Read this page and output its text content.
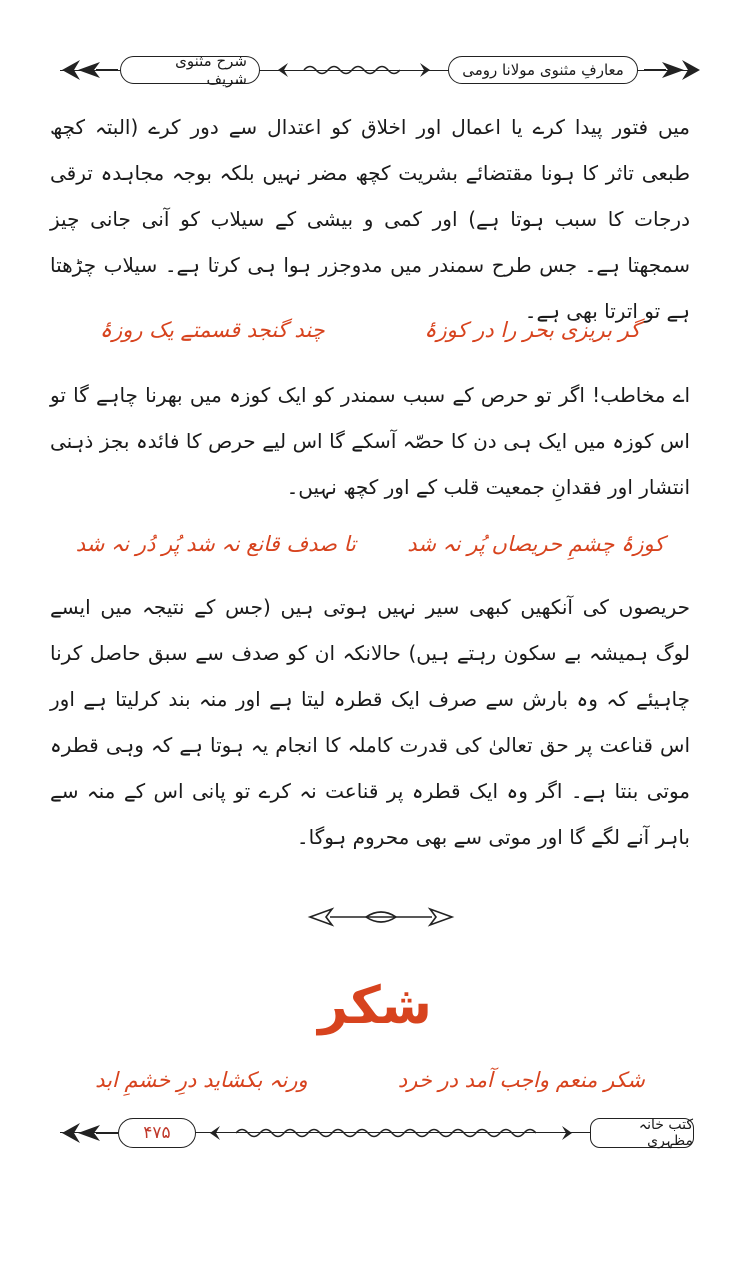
شرح مثنوی شریف	معارفِ مثنوی مولانا رومی
میں فتور پیدا کرے یا اعمال اور اخلاق کو اعتدال سے دور کرے (البتہ کچھ طبعی تاثر کا ہونا مقتضائے بشریت کچھ مضر نہیں بلکہ بوجہ مجاہدہ ترقی درجات کا سبب ہوتا ہے) اور کمی و بیشی کے سیلاب کو آنی جانی چیز سمجھتا ہے۔ جس طرح سمندر میں مدوجزر ہوا ہی کرتا ہے۔ سیلاب چڑھتا ہے تو اترتا بھی ہے۔
گر بریزی بحر را در کوزۂ
چند گنجد قسمتے یک روزۂ
اے مخاطب! اگر تو حرص کے سبب سمندر کو ایک کوزہ میں بھرنا چاہے گا تو اس کوزہ میں ایک ہی دن کا حصّہ آسکے گا اس لیے حرص کا فائدہ بجز ذہنی انتشار اور فقدانِ جمعیت قلب کے اور کچھ نہیں۔
کوزۂ چشمِ حریصاں پُر نہ شد
تا صدف قانع نہ شد پُر دُر نہ شد
حریصوں کی آنکھیں کبھی سیر نہیں ہوتی ہیں (جس کے نتیجہ میں ایسے لوگ ہمیشہ بے سکون رہتے ہیں) حالانکہ ان کو صدف سے سبق حاصل کرنا چاہیئے کہ وہ بارش سے صرف ایک قطرہ لیتا ہے اور منہ بند کرلیتا ہے اور اس قناعت پر حق تعالیٰ کی قدرت کاملہ کا انجام یہ ہوتا ہے کہ وہی قطرہ موتی بنتا ہے۔ اگر وہ ایک قطرہ پر قناعت نہ کرے تو پانی اس کے منہ سے باہر آنے لگے گا اور موتی سے بھی محروم ہوگا۔
شکر
شکر منعم واجب آمد در خرد
ورنہ بکشاید درِ خشمِ ابد
۴۷۵	کتب خانہ مظہری
